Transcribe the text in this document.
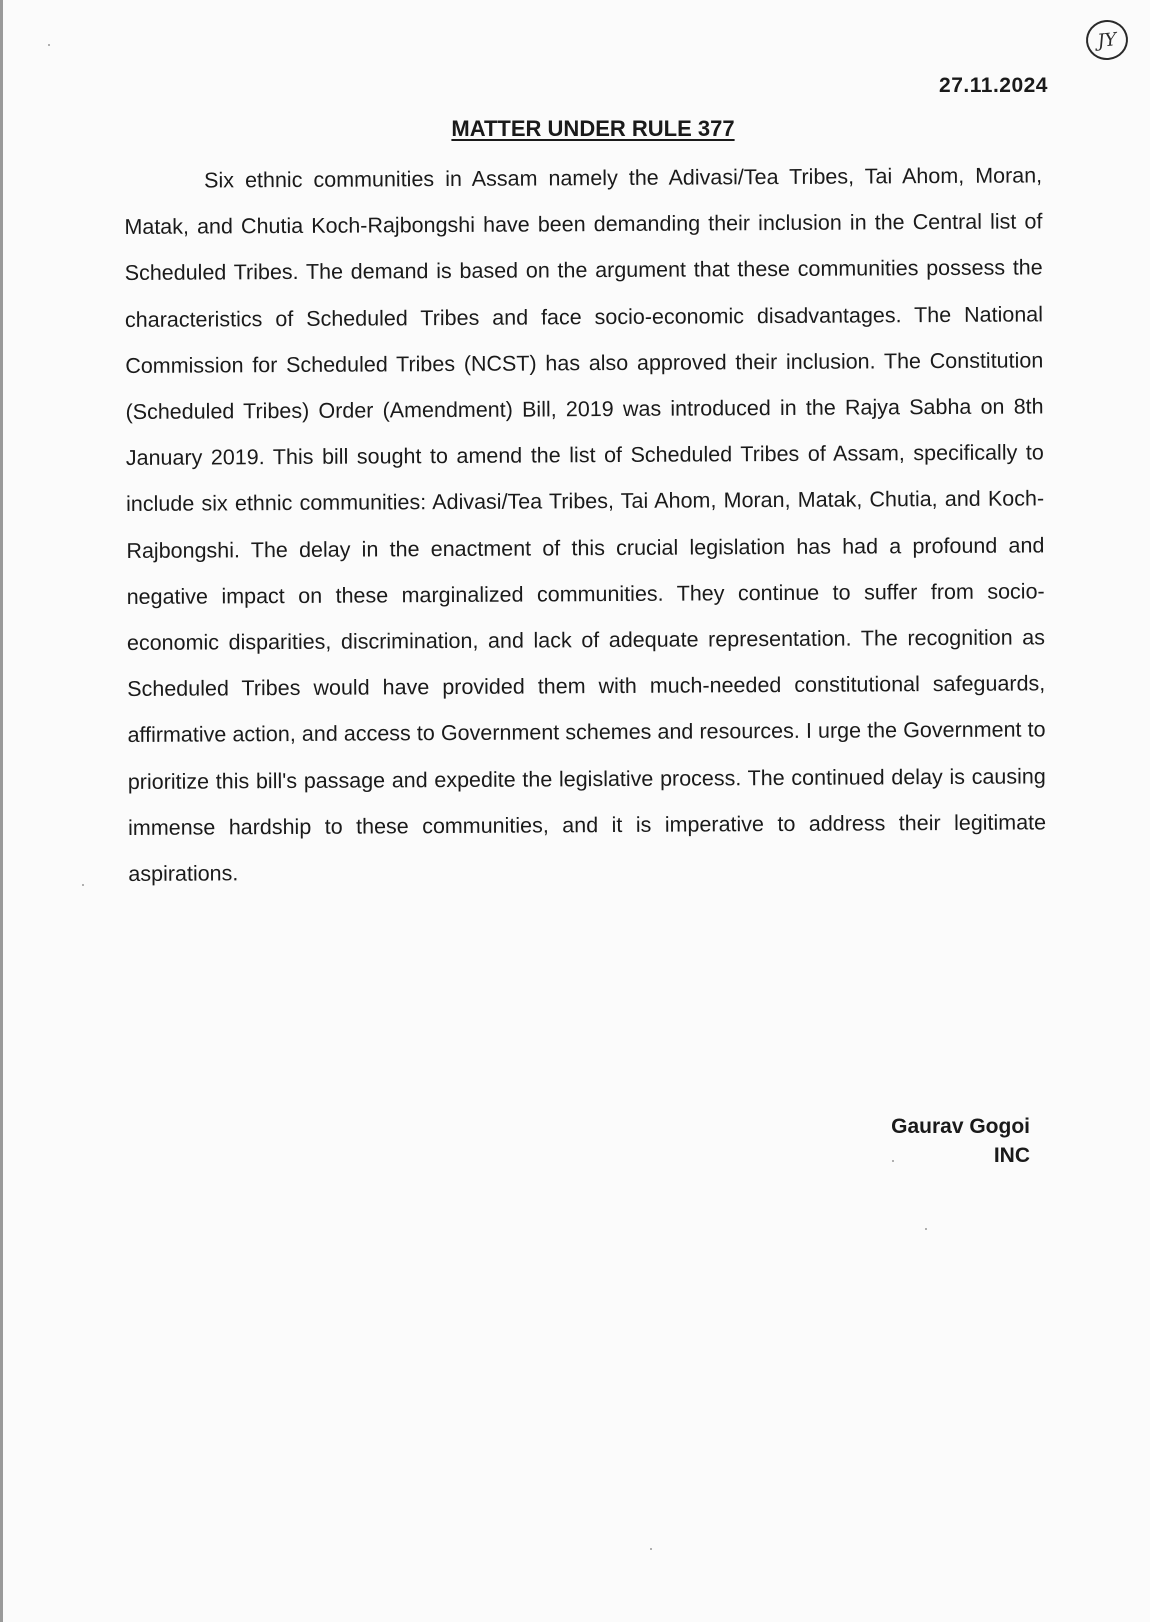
JY
27.11.2024
MATTER UNDER RULE 377

Six ethnic communities in Assam namely the Adivasi/Tea Tribes, Tai Ahom, Moran, Matak, and Chutia Koch-Rajbongshi have been demanding their inclusion in the Central list of Scheduled Tribes. The demand is based on the argument that these communities possess the characteristics of Scheduled Tribes and face socio-economic disadvantages. The National Commission for Scheduled Tribes (NCST) has also approved their inclusion. The Constitution (Scheduled Tribes) Order (Amendment) Bill, 2019 was introduced in the Rajya Sabha on 8th January 2019. This bill sought to amend the list of Scheduled Tribes of Assam, specifically to include six ethnic communities: Adivasi/Tea Tribes, Tai Ahom, Moran, Matak, Chutia, and Koch-Rajbongshi. The delay in the enactment of this crucial legislation has had a profound and negative impact on these marginalized communities. They continue to suffer from socio-economic disparities, discrimination, and lack of adequate representation. The recognition as Scheduled Tribes would have provided them with much-needed constitutional safeguards, affirmative action, and access to Government schemes and resources. I urge the Government to prioritize this bill's passage and expedite the legislative process. The continued delay is causing immense hardship to these communities, and it is imperative to address their legitimate aspirations.

Gaurav Gogoi
INC
